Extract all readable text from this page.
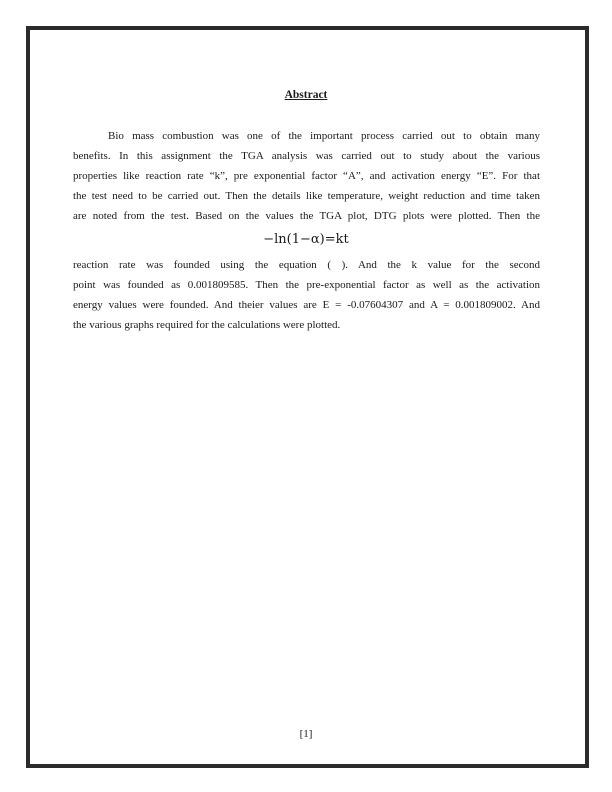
Abstract
Bio mass combustion was one of the important process carried out to obtain many
benefits. In this assignment the TGA analysis was carried out to study about the various
properties like reaction rate “k”, pre exponential factor “A”, and activation energy “E”. For that
the test need to be carried out. Then the details like temperature, weight reduction and time taken
are noted from the test. Based on the values the TGA plot, DTG plots were plotted. Then the
−ln(1−α)=kt
reaction rate was founded using the equation ( ). And the k value for the second
point was founded as 0.001809585. Then the pre-exponential factor as well as the activation
energy values were founded. And theier values are E = -0.07604307 and A = 0.001809002. And
the various graphs required for the calculations were plotted.
[1]
